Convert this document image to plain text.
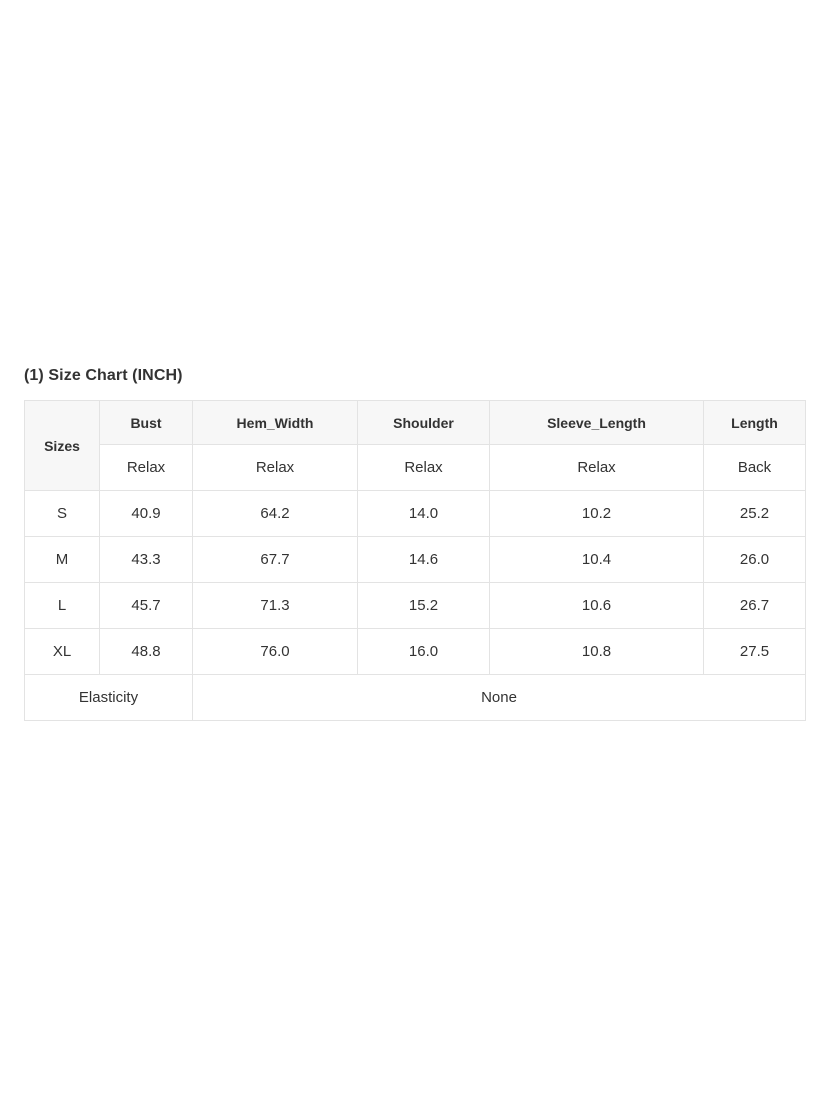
(1) Size Chart (INCH)
Sizes	Bust	Hem_Width	Shoulder	Sleeve_Length	Length
	Relax	Relax	Relax	Relax	Back
S	40.9	64.2	14.0	10.2	25.2
M	43.3	67.7	14.6	10.4	26.0
L	45.7	71.3	15.2	10.6	26.7
XL	48.8	76.0	16.0	10.8	27.5
Elasticity		None			
